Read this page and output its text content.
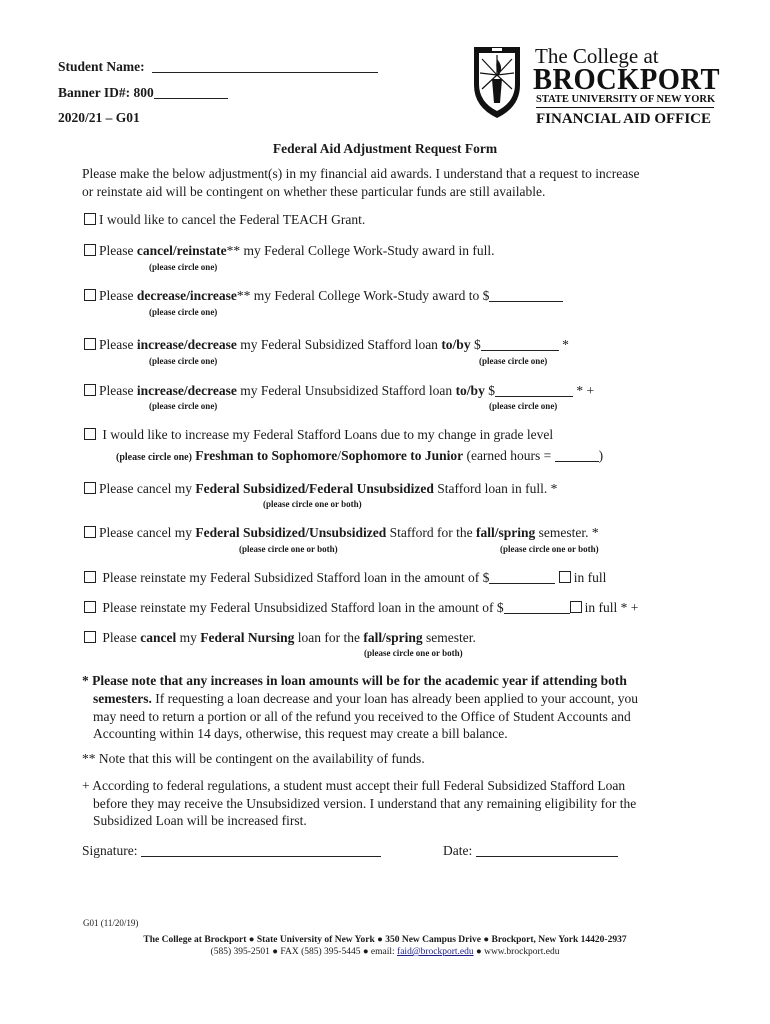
Student Name:
Banner ID#: 800
2020/21 – G01
The College at
BROCKPORT
STATE UNIVERSITY OF NEW YORK
FINANCIAL AID OFFICE
Federal Aid Adjustment Request Form
Please make the below adjustment(s) in my financial aid awards. I understand that a request to increase
or reinstate aid will be contingent on whether these particular funds are still available.
I would like to cancel the Federal TEACH Grant.
Please cancel/reinstate** my Federal College Work-Study award in full.
(please circle one)
Please decrease/increase** my Federal College Work-Study award to $
(please circle one)
Please increase/decrease my Federal Subsidized Stafford loan to/by $	*
(please circle one)	(please circle one)
Please increase/decrease my Federal Unsubsidized Stafford loan to/by $	* +
(please circle one)	(please circle one)
I would like to increase my Federal Stafford Loans due to my change in grade level
(please circle one) Freshman to Sophomore/Sophomore to Junior (earned hours =	)
Please cancel my Federal Subsidized/Federal Unsubsidized Stafford loan in full. *
(please circle one or both)
Please cancel my Federal Subsidized/Unsubsidized Stafford for the fall/spring semester. *
(please circle one or both)	(please circle one or both)
Please reinstate my Federal Subsidized Stafford loan in the amount of $	in full
Please reinstate my Federal Unsubsidized Stafford loan in the amount of $	in full * +
Please cancel my Federal Nursing loan for the fall/spring semester.
(please circle one or both)
* Please note that any increases in loan amounts will be for the academic year if attending both
semesters. If requesting a loan decrease and your loan has already been applied to your account, you
may need to return a portion or all of the refund you received to the Office of Student Accounts and
Accounting within 14 days, otherwise, this request may create a bill balance.
** Note that this will be contingent on the availability of funds.
+ According to federal regulations, a student must accept their full Federal Subsidized Stafford Loan
before they may receive the Unsubsidized version. I understand that any remaining eligibility for the
Subsidized Loan will be increased first.
Signature:	Date:
G01 (11/20/19)
The College at Brockport ● State University of New York ● 350 New Campus Drive ● Brockport, New York 14420-2937
(585) 395-2501 ● FAX (585) 395-5445 ● email: faid@brockport.edu ● www.brockport.edu
